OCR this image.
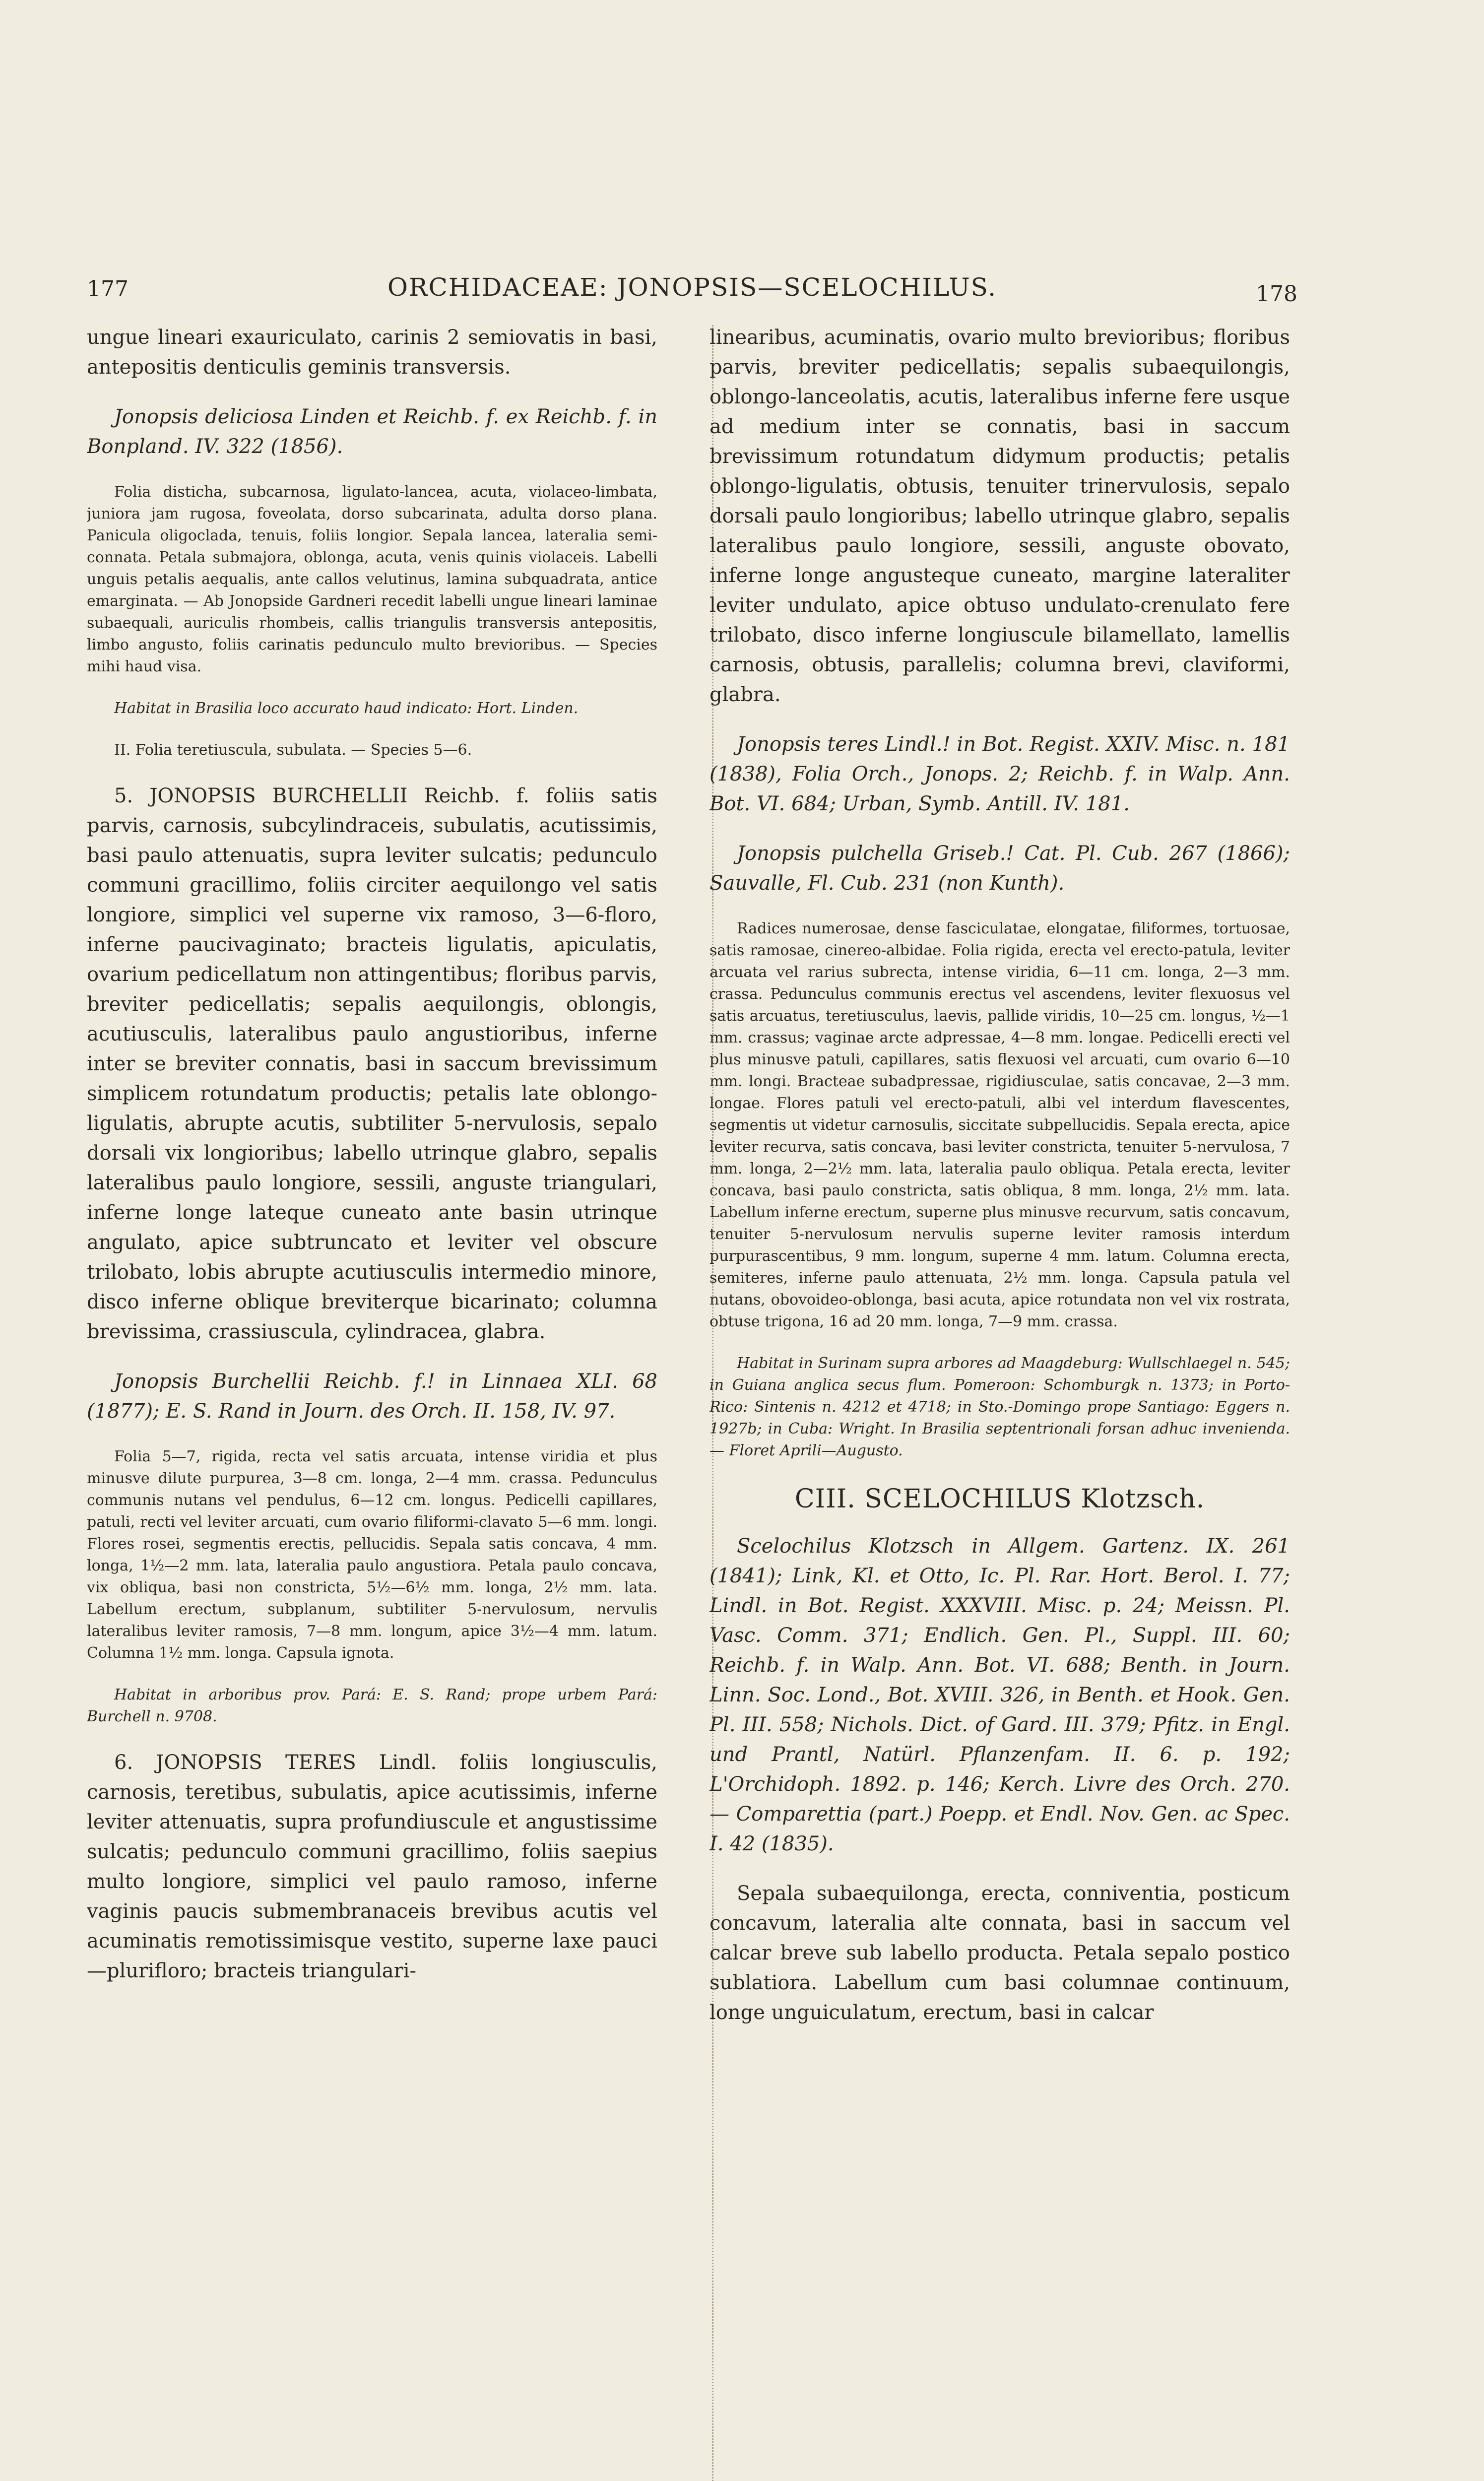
177	ORCHIDACEAE: JONOPSIS—SCELOCHILUS.	178

ungue lineari exauriculato, carinis 2 semiovatis in basi, antepositis denticulis geminis transversis.

Jonopsis deliciosa Linden et Reichb. f. ex Reichb. f. in Bonpland. IV. 322 (1856).

Folia disticha, subcarnosa, ligulato-lancea, acuta, violaceo-limbata, juniora jam rugosa, foveolata, dorso subcarinata, adulta dorso plana. Panicula oligoclada, tenuis, foliis longior. Sepala lancea, lateralia semi-connata. Petala submajora, oblonga, acuta, venis quinis violaceis. Labelli unguis petalis aequalis, ante callos velutinus, lamina subquadrata, antice emarginata. — Ab Jonopside Gardneri recedit labelli ungue lineari laminae subaequali, auriculis rhombeis, callis triangulis transversis antepositis, limbo angusto, foliis carinatis pedunculo multo brevioribus. — Species mihi haud visa.

Habitat in Brasilia loco accurato haud indicato: Hort. Linden.

II. Folia teretiuscula, subulata. — Species 5—6.

5. JONOPSIS BURCHELLII Reichb. f. foliis satis parvis, carnosis, subcylindraceis, subulatis, acutissimis, basi paulo attenuatis, supra leviter sulcatis; pedunculo communi gracillimo, foliis circiter aequilongo vel satis longiore, simplici vel superne vix ramoso, 3—6-floro, inferne paucivaginato; bracteis ligulatis, apiculatis, ovarium pedicellatum non attingentibus; floribus parvis, breviter pedicellatis; sepalis aequilongis, oblongis, acutiusculis, lateralibus paulo angustioribus, inferne inter se breviter connatis, basi in saccum brevissimum simplicem rotundatum productis; petalis late oblongo-ligulatis, abrupte acutis, subtiliter 5-nervulosis, sepalo dorsali vix longioribus; labello utrinque glabro, sepalis lateralibus paulo longiore, sessili, anguste triangulari, inferne longe lateque cuneato ante basin utrinque angulato, apice subtruncato et leviter vel obscure trilobato, lobis abrupte acutiusculis intermedio minore, disco inferne oblique breviterque bicarinato; columna brevissima, crassiuscula, cylindracea, glabra.

Jonopsis Burchellii Reichb. f.! in Linnaea XLI. 68 (1877); E. S. Rand in Journ. des Orch. II. 158, IV. 97.

Folia 5—7, rigida, recta vel satis arcuata, intense viridia et plus minusve dilute purpurea, 3—8 cm. longa, 2—4 mm. crassa. Pedunculus communis nutans vel pendulus, 6—12 cm. longus. Pedicelli capillares, patuli, recti vel leviter arcuati, cum ovario filiformi-clavato 5—6 mm. longi. Flores rosei, segmentis erectis, pellucidis. Sepala satis concava, 4 mm. longa, 1½—2 mm. lata, lateralia paulo angustiora. Petala paulo concava, vix obliqua, basi non constricta, 5½—6½ mm. longa, 2½ mm. lata. Labellum erectum, subplanum, subtiliter 5-nervulosum, nervulis lateralibus leviter ramosis, 7—8 mm. longum, apice 3½—4 mm. latum. Columna 1½ mm. longa. Capsula ignota.

Habitat in arboribus prov. Pará: E. S. Rand; prope urbem Pará: Burchell n. 9708.

6. JONOPSIS TERES Lindl. foliis longiusculis, carnosis, teretibus, subulatis, apice acutissimis, inferne leviter attenuatis, supra profundiuscule et angustissime sulcatis; pedunculo communi gracillimo, foliis saepius multo longiore, simplici vel paulo ramoso, inferne vaginis paucis submembranaceis brevibus acutis vel acuminatis remotissimisque vestito, superne laxe pauci—plurifloro; bracteis triangulari-

linearibus, acuminatis, ovario multo brevioribus; floribus parvis, breviter pedicellatis; sepalis subaequilongis, oblongo-lanceolatis, acutis, lateralibus inferne fere usque ad medium inter se connatis, basi in saccum brevissimum rotundatum didymum productis; petalis oblongo-ligulatis, obtusis, tenuiter trinervulosis, sepalo dorsali paulo longioribus; labello utrinque glabro, sepalis lateralibus paulo longiore, sessili, anguste obovato, inferne longe angusteque cuneato, margine lateraliter leviter undulato, apice obtuso undulato-crenulato fere trilobato, disco inferne longiuscule bilamellato, lamellis carnosis, obtusis, parallelis; columna brevi, claviformi, glabra.

Jonopsis teres Lindl.! in Bot. Regist. XXIV. Misc. n. 181 (1838), Folia Orch., Jonops. 2; Reichb. f. in Walp. Ann. Bot. VI. 684; Urban, Symb. Antill. IV. 181.

Jonopsis pulchella Griseb.! Cat. Pl. Cub. 267 (1866); Sauvalle, Fl. Cub. 231 (non Kunth).

Radices numerosae, dense fasciculatae, elongatae, filiformes, tortuosae, satis ramosae, cinereo-albidae. Folia rigida, erecta vel erecto-patula, leviter arcuata vel rarius subrecta, intense viridia, 6—11 cm. longa, 2—3 mm. crassa. Pedunculus communis erectus vel ascendens, leviter flexuosus vel satis arcuatus, teretiusculus, laevis, pallide viridis, 10—25 cm. longus, ½—1 mm. crassus; vaginae arcte adpressae, 4—8 mm. longae. Pedicelli erecti vel plus minusve patuli, capillares, satis flexuosi vel arcuati, cum ovario 6—10 mm. longi. Bracteae subadpressae, rigidiusculae, satis concavae, 2—3 mm. longae. Flores patuli vel erecto-patuli, albi vel interdum flavescentes, segmentis ut videtur carnosulis, siccitate subpellucidis. Sepala erecta, apice leviter recurva, satis concava, basi leviter constricta, tenuiter 5-nervulosa, 7 mm. longa, 2—2½ mm. lata, lateralia paulo obliqua. Petala erecta, leviter concava, basi paulo constricta, satis obliqua, 8 mm. longa, 2½ mm. lata. Labellum inferne erectum, superne plus minusve recurvum, satis concavum, tenuiter 5-nervulosum nervulis superne leviter ramosis interdum purpurascentibus, 9 mm. longum, superne 4 mm. latum. Columna erecta, semiteres, inferne paulo attenuata, 2½ mm. longa. Capsula patula vel nutans, obovoideo-oblonga, basi acuta, apice rotundata non vel vix rostrata, obtuse trigona, 16 ad 20 mm. longa, 7—9 mm. crassa.

Habitat in Surinam supra arbores ad Maagdeburg: Wullschlaegel n. 545; in Guiana anglica secus flum. Pomeroon: Schomburgk n. 1373; in Porto-Rico: Sintenis n. 4212 et 4718; in Sto.-Domingo prope Santiago: Eggers n. 1927b; in Cuba: Wright. In Brasilia septentrionali forsan adhuc invenienda. — Floret Aprili—Augusto.

CIII. SCELOCHILUS Klotzsch.

Scelochilus Klotzsch in Allgem. Gartenz. IX. 261 (1841); Link, Kl. et Otto, Ic. Pl. Rar. Hort. Berol. I. 77; Lindl. in Bot. Regist. XXXVIII. Misc. p. 24; Meissn. Pl. Vasc. Comm. 371; Endlich. Gen. Pl., Suppl. III. 60; Reichb. f. in Walp. Ann. Bot. VI. 688; Benth. in Journ. Linn. Soc. Lond., Bot. XVIII. 326, in Benth. et Hook. Gen. Pl. III. 558; Nichols. Dict. of Gard. III. 379; Pfitz. in Engl. und Prantl, Natürl. Pflanzenfam. II. 6. p. 192; L'Orchidoph. 1892. p. 146; Kerch. Livre des Orch. 270. — Comparettia (part.) Poepp. et Endl. Nov. Gen. ac Spec. I. 42 (1835).

Sepala subaequilonga, erecta, conniventia, posticum concavum, lateralia alte connata, basi in saccum vel calcar breve sub labello producta. Petala sepalo postico sublatiora. Labellum cum basi columnae continuum, longe unguiculatum, erectum, basi in calcar
